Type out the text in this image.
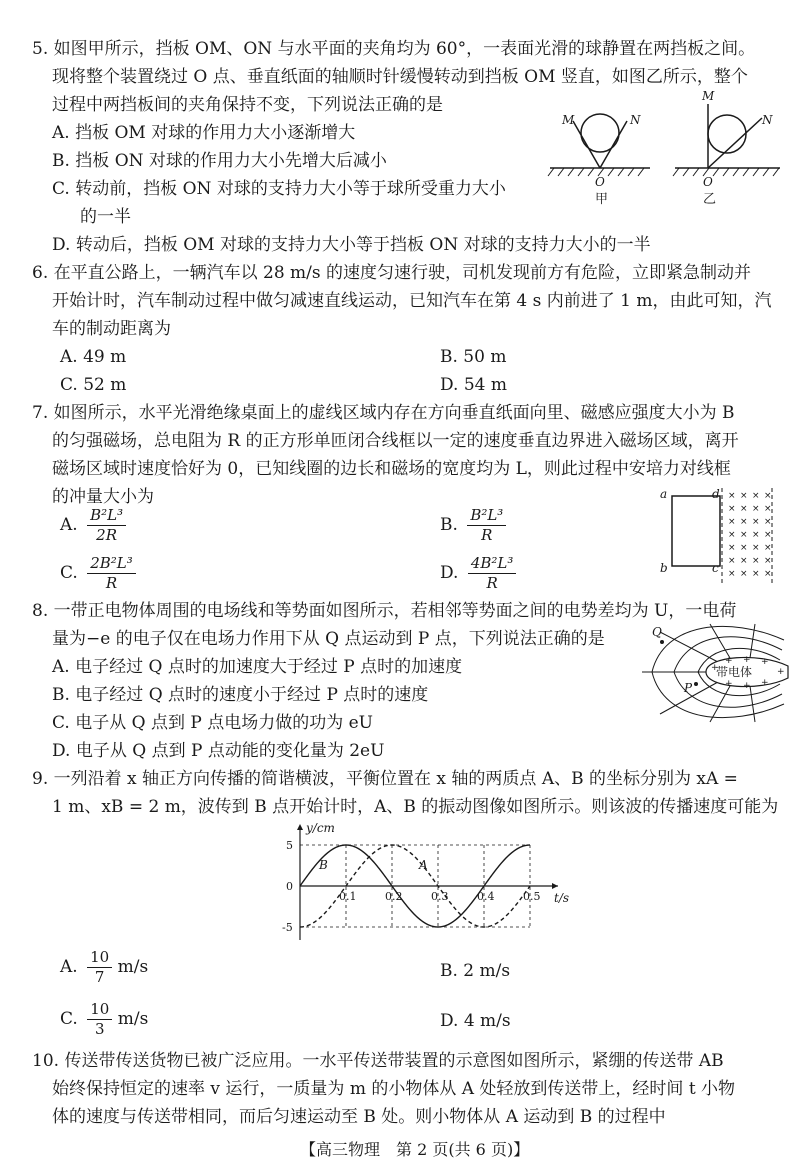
5. 如图甲所示，挡板 OM、ON 与水平面的夹角均为 60°，一表面光滑的球静置在两挡板之间。
现将整个装置绕过 O 点、垂直纸面的轴顺时针缓慢转动到挡板 OM 竖直，如图乙所示，整个
过程中两挡板间的夹角保持不变，下列说法正确的是
A. 挡板 OM 对球的作用力大小逐渐增大
B. 挡板 ON 对球的作用力大小先增大后减小
C. 转动前，挡板 ON 对球的支持力大小等于球所受重力大小
的一半
D. 转动后，挡板 OM 对球的支持力大小等于挡板 ON 对球的支持力大小的一半
M	N
O
甲
M
N
O
乙
6. 在平直公路上，一辆汽车以 28 m/s 的速度匀速行驶，司机发现前方有危险，立即紧急制动并
开始计时，汽车制动过程中做匀减速直线运动，已知汽车在第 4 s 内前进了 1 m，由此可知，汽
车的制动距离为
A. 49 m	B. 50 m
C. 52 m	D. 54 m
7. 如图所示，水平光滑绝缘桌面上的虚线区域内存在方向垂直纸面向里、磁感应强度大小为 B
的匀强磁场，总电阻为 R 的正方形单匝闭合线框以一定的速度垂直边界进入磁场区域，离开
磁场区域时速度恰好为 0，已知线圈的边长和磁场的宽度均为 L，则此过程中安培力对线框
的冲量大小为
A. $\frac{\text{B²L³}}{2R}$	B. $\frac{\text{B²L³}}{R}$
C. $\frac{\text{2B²L³}}{R}$	D. $\frac{\text{4B²L³}}{R}$
× × × ×
× × × ×
× × × ×
× × × ×
× × × ×
× × × ×
× × × ×
a	d
b	c
8. 一带正电物体周围的电场线和等势面如图所示，若相邻等势面之间的电势差均为 U，一电荷
量为−e 的电子仅在电场力作用下从 Q 点运动到 P 点，下列说法正确的是
A. 电子经过 Q 点时的加速度大于经过 P 点时的加速度
B. 电子经过 Q 点时的速度小于经过 P 点时的速度
C. 电子从 Q 点到 P 点电场力做的功为 eU
D. 电子从 Q 点到 P 点动能的变化量为 2eU
+
+ + +
+ + +
+
带电体
Q
P
9. 一列沿着 x 轴正方向传播的简谐横波，平衡位置在 x 轴的两质点 A、B 的坐标分别为 xA =
1 m、xB = 2 m，波传到 B 点开始计时，A、B 的振动图像如图所示。则该波的传播速度可能为
y/cm
t/s
0.1	0.2	0.3	0.4	0.5
5
0
-5
B	A
A. $\frac{10}{7} m/s$	B. 2 m/s
C. $\frac{10}{3} m/s$	D. 4 m/s
10. 传送带传送货物已被广泛应用。一水平传送带装置的示意图如图所示，紧绷的传送带 AB
始终保持恒定的速率 v 运行，一质量为 m 的小物体从 A 处轻放到传送带上，经时间 t 小物
体的速度与传送带相同，而后匀速运动至 B 处。则小物体从 A 运动到 B 的过程中
【高三物理　第 2 页(共 6 页)】
